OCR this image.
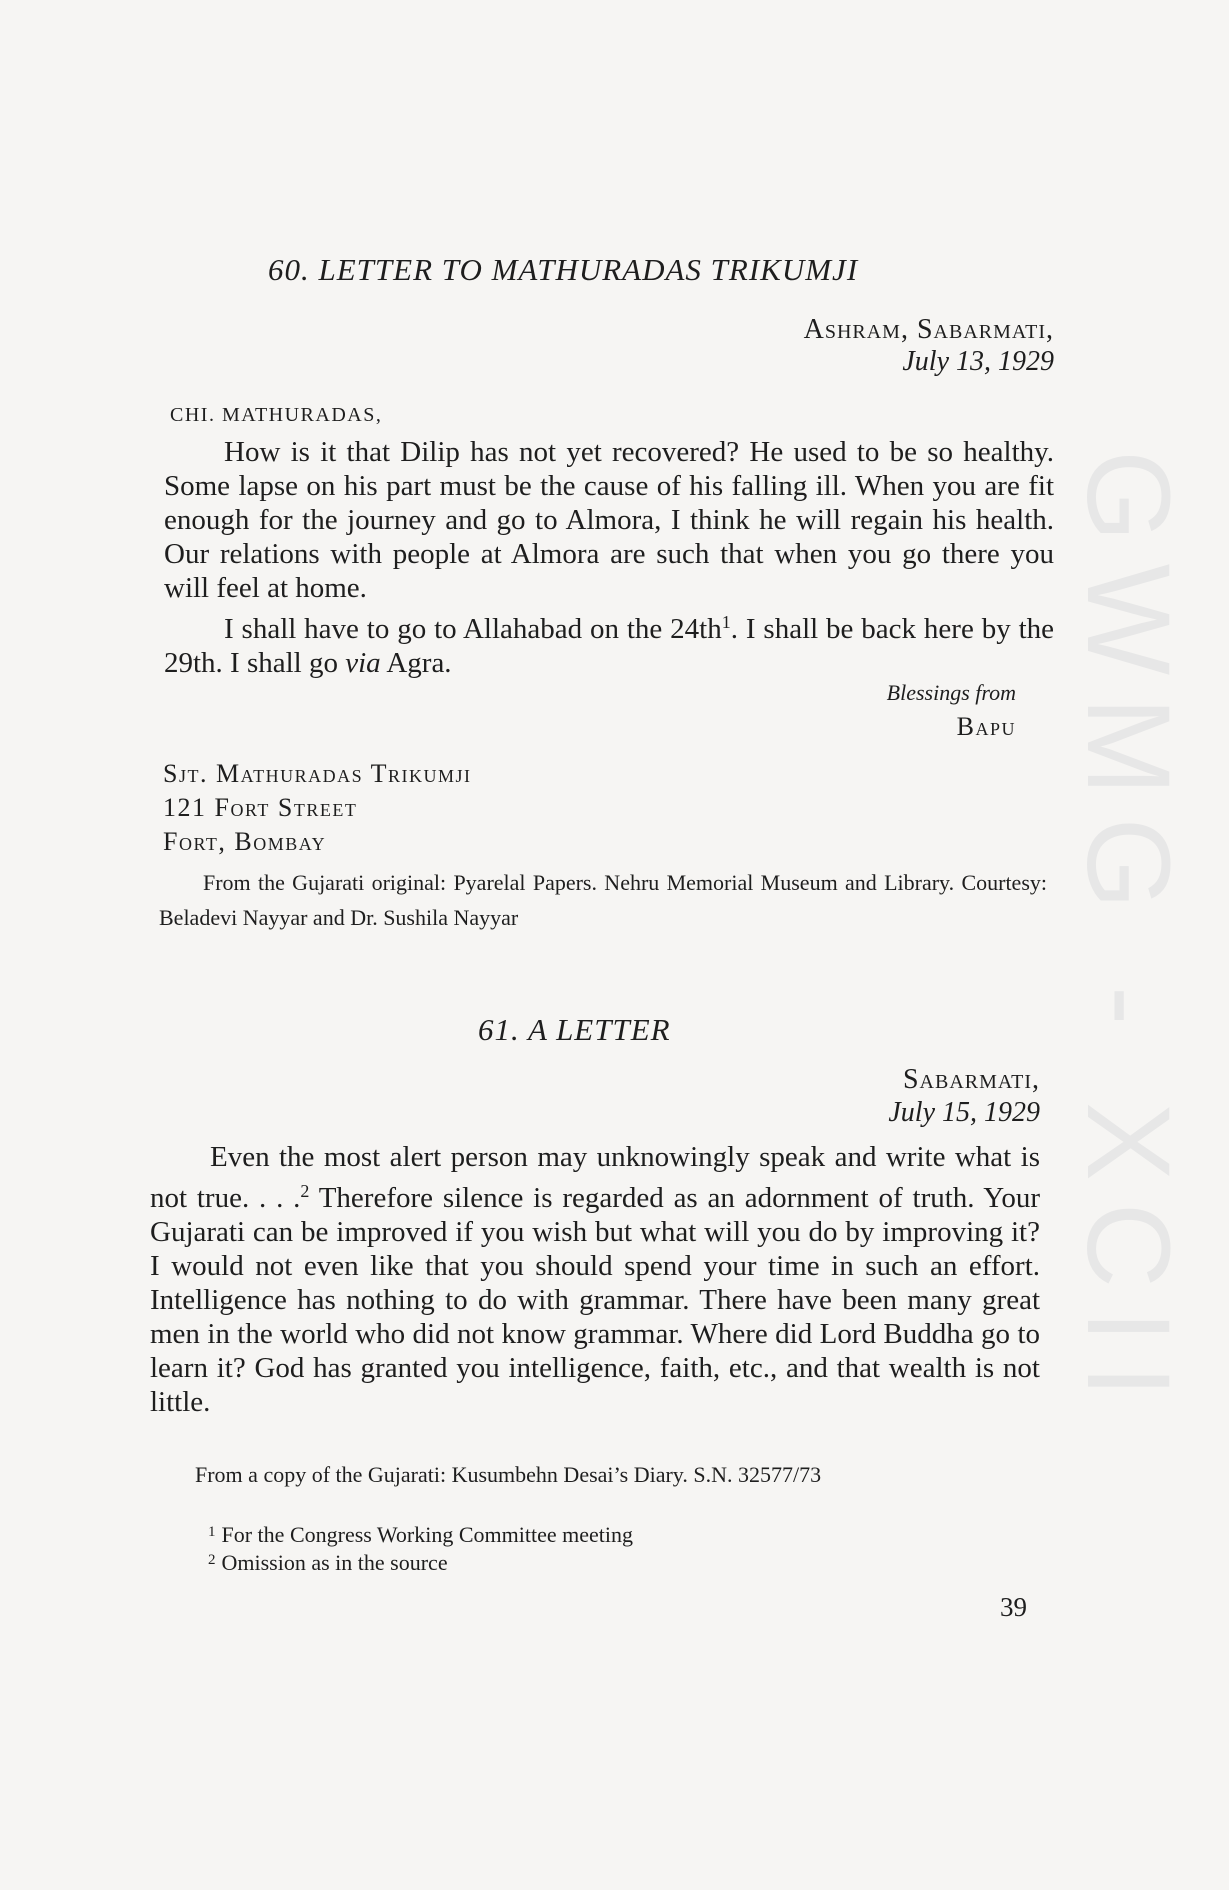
GWMG - XCII
60. LETTER TO MATHURADAS TRIKUMJI
Ashram, Sabarmati,
July 13, 1929
CHI. MATHURADAS,

How is it that Dilip has not yet recovered? He used to be so healthy. Some lapse on his part must be the cause of his falling ill. When you are fit enough for the journey and go to Almora, I think he will regain his health. Our relations with people at Almora are such that when you go there you will feel at home.

I shall have to go to Allahabad on the $24th^1$. I shall be back here by the 29th. I shall go via Agra.

Blessings from
Bapu
Sjt. Mathuradas Trikumji
121 Fort Street
Fort, Bombay

From the Gujarati original: Pyarelal Papers. Nehru Memorial Museum and Library. Courtesy: Beladevi Nayyar and Dr. Sushila Nayyar

61. A LETTER
Sabarmati,
July 15, 1929

Even the most alert person may unknowingly speak and write what is not true. . . .$^2$ Therefore silence is regarded as an adornment of truth. Your Gujarati can be improved if you wish but what will you do by improving it? I would not even like that you should spend your time in such an effort. Intelligence has nothing to do with grammar. There have been many great men in the world who did not know grammar. Where did Lord Buddha go to learn it? God has granted you intelligence, faith, etc., and that wealth is not little.

From a copy of the Gujarati: Kusumbehn Desai’s Diary. S.N. 32577/73
$^1$ For the Congress Working Committee meeting
$^2$ Omission as in the source
39
